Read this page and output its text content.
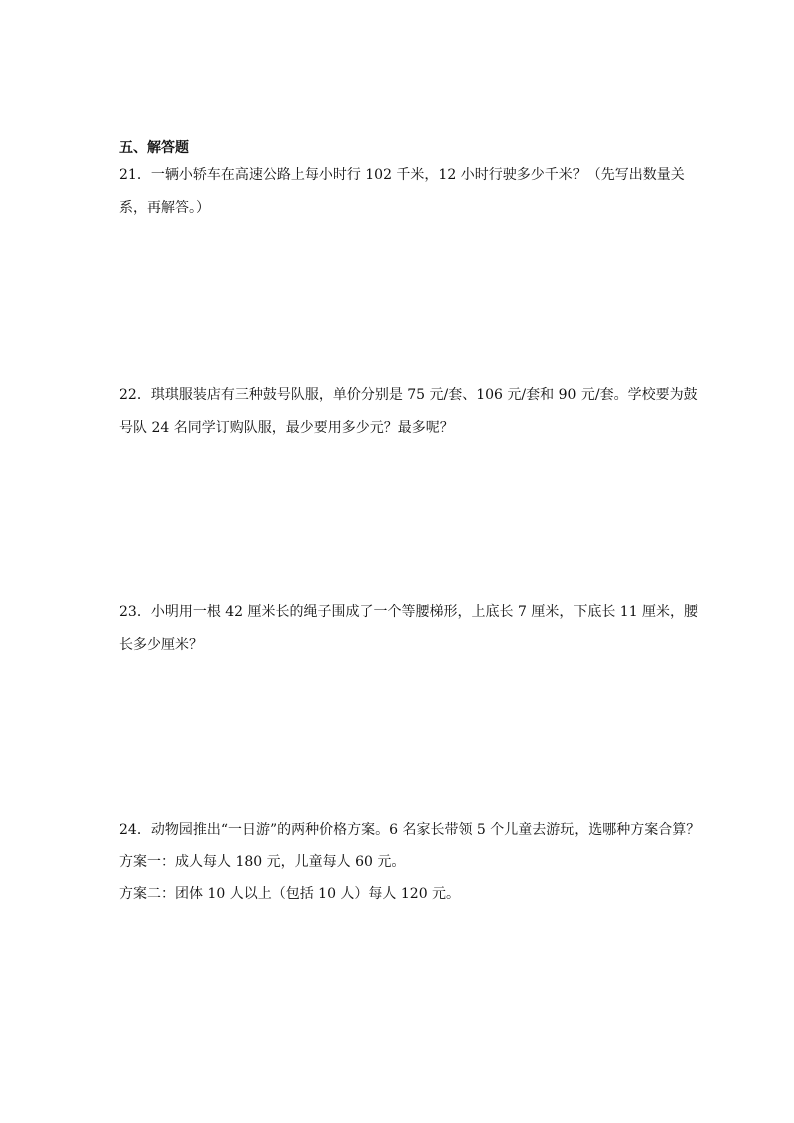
五、解答题
21．一辆小轿车在高速公路上每小时行 102 千米，12 小时行驶多少千米？（先写出数量关
系，再解答。）
22．琪琪服装店有三种鼓号队服，单价分别是 75 元/套、106 元/套和 90 元/套。学校要为鼓
号队 24 名同学订购队服，最少要用多少元？最多呢？
23．小明用一根 42 厘米长的绳子围成了一个等腰梯形，上底长 7 厘米，下底长 11 厘米，腰
长多少厘米？
24．动物园推出“一日游”的两种价格方案。6 名家长带领 5 个儿童去游玩，选哪种方案合算？
方案一：成人每人 180 元，儿童每人 60 元。
方案二：团体 10 人以上（包括 10 人）每人 120 元。
